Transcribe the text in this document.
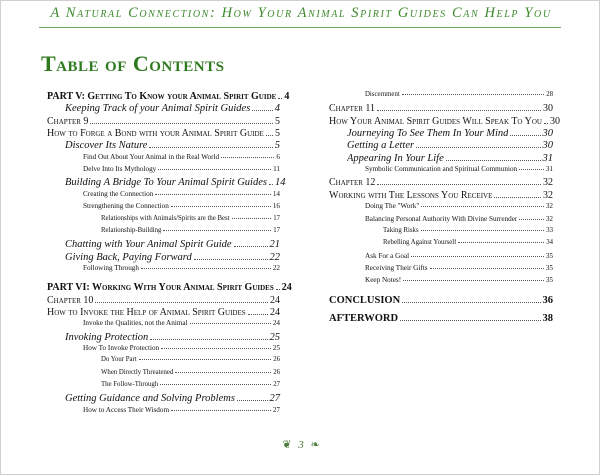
A Natural Connection: How Your Animal Spirit Guides Can Help You
Table of Contents
PART V: Getting To Know your Animal Spirit Guide 4
Keeping Track of your Animal Spirit Guides 4
Chapter 9	5
How to Forge a Bond with your Animal Spirit Guide 5
Discover Its Nature	5
Find Out About Your Animal in the Real World	6
Delve Into Its Mythology	11
Building A Bridge To Your Animal Spirit Guides 14
Creating the Connection	14
Strengthening the Connection	16
Relationships with Animals/Spirits are the Best	17
Relationship-Building	17
Chatting with Your Animal Spirit Guide	21
Giving Back, Paying Forward	22
Following Through	22
PART VI: Working With Your Animal Spirit Guides 24
Chapter 10	24
How to Invoke the Help of Animal Spirit Guides 24
Invoke the Qualities, not the Animal	24
Invoking Protection	25
How To Invoke Protection	25
Do Your Part	26
When Directly Threatened	26
The Follow-Through	27
Getting Guidance and Solving Problems	27
How to Access Their Wisdom	27
Discernment	28
Chapter 11	30
How Your Animal Spirit Guides Will Speak To You 30
Journeying To See Them In Your Mind	30
Getting a Letter	30
Appearing In Your Life	31
Symbolic Communication and Spiritual Communion	31
Chapter 12	32
Working with The Lessons You Receive	32
Doing The "Work"	32
Balancing Personal Authority With Divine Surrender	32
Taking Risks	33
Rebelling Against Yourself	34
Ask For a Goal	35
Receiving Their Gifts	35
Keep Notes!	35
CONCLUSION	36
AFTERWORD	38
❦ 3 ❧
